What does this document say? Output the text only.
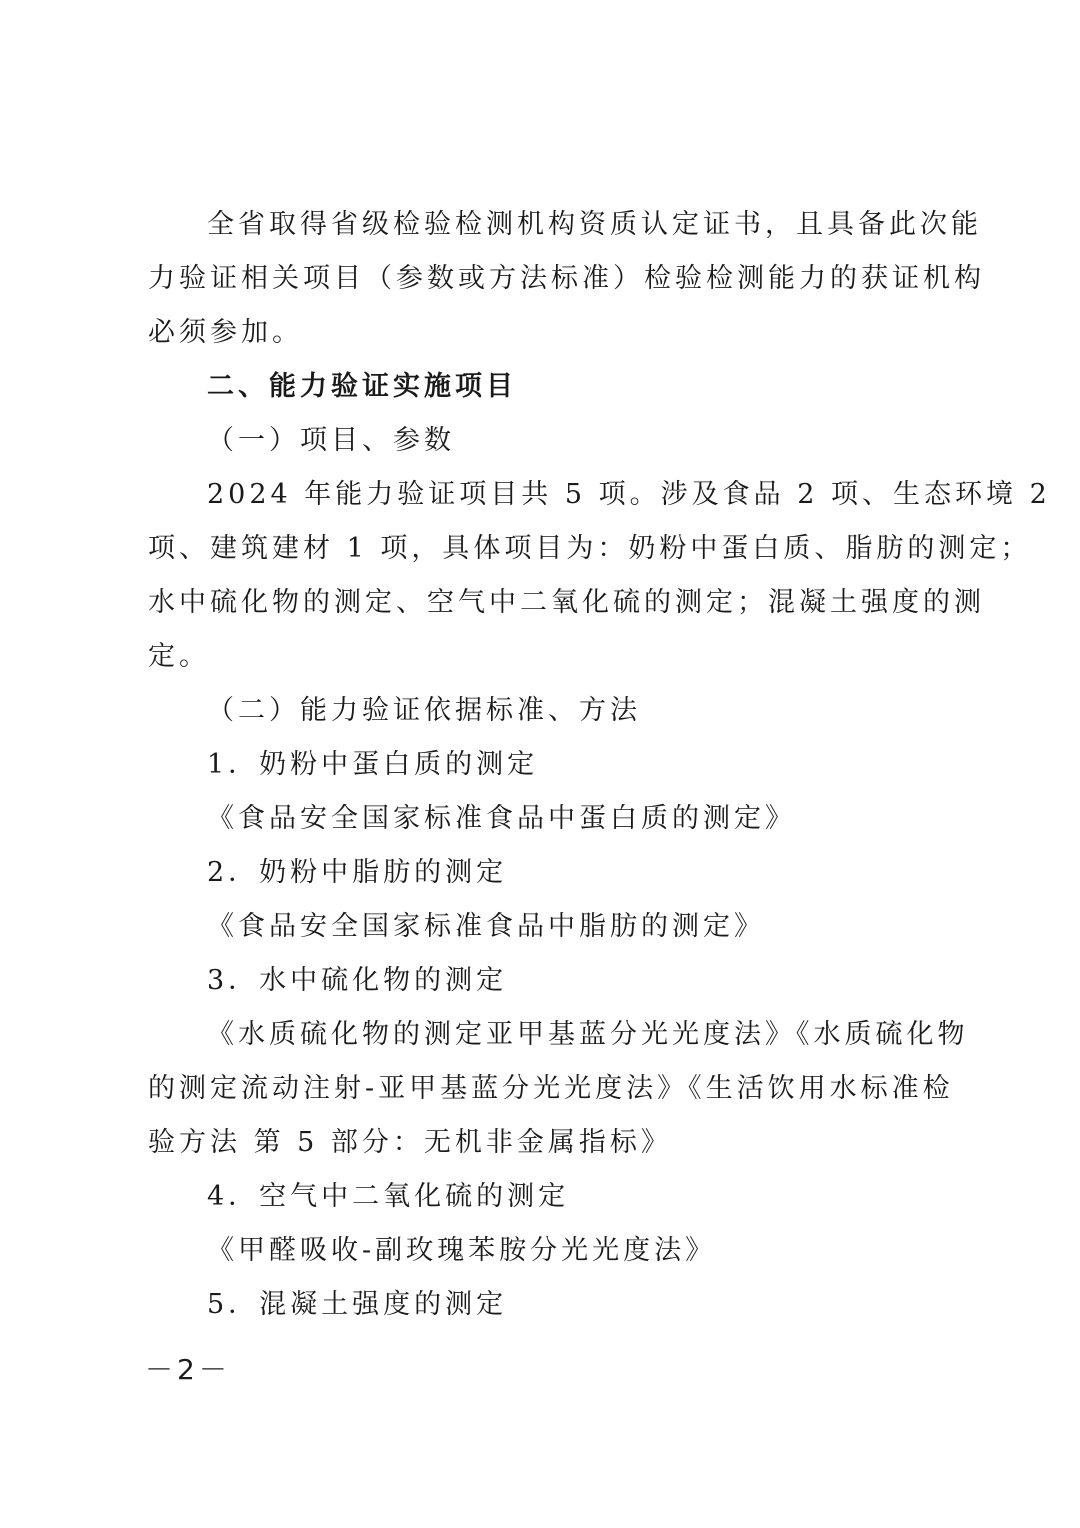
全省取得省级检验检测机构资质认定证书，且具备此次能
力验证相关项目（参数或方法标准）检验检测能力的获证机构
必须参加。
二、能力验证实施项目
（一）项目、参数
2024 年能力验证项目共 5 项。涉及食品 2 项、生态环境 2
项、建筑建材 1 项，具体项目为：奶粉中蛋白质、脂肪的测定；
水中硫化物的测定、空气中二氧化硫的测定；混凝土强度的测
定。
（二）能力验证依据标准、方法
1．奶粉中蛋白质的测定
《食品安全国家标准食品中蛋白质的测定》
2．奶粉中脂肪的测定
《食品安全国家标准食品中脂肪的测定》
3．水中硫化物的测定
《水质硫化物的测定亚甲基蓝分光光度法》《水质硫化物
的测定流动注射-亚甲基蓝分光光度法》《生活饮用水标准检
验方法 第 5 部分：无机非金属指标》
4．空气中二氧化硫的测定
《甲醛吸收-副玫瑰苯胺分光光度法》
5．混凝土强度的测定
－2－
